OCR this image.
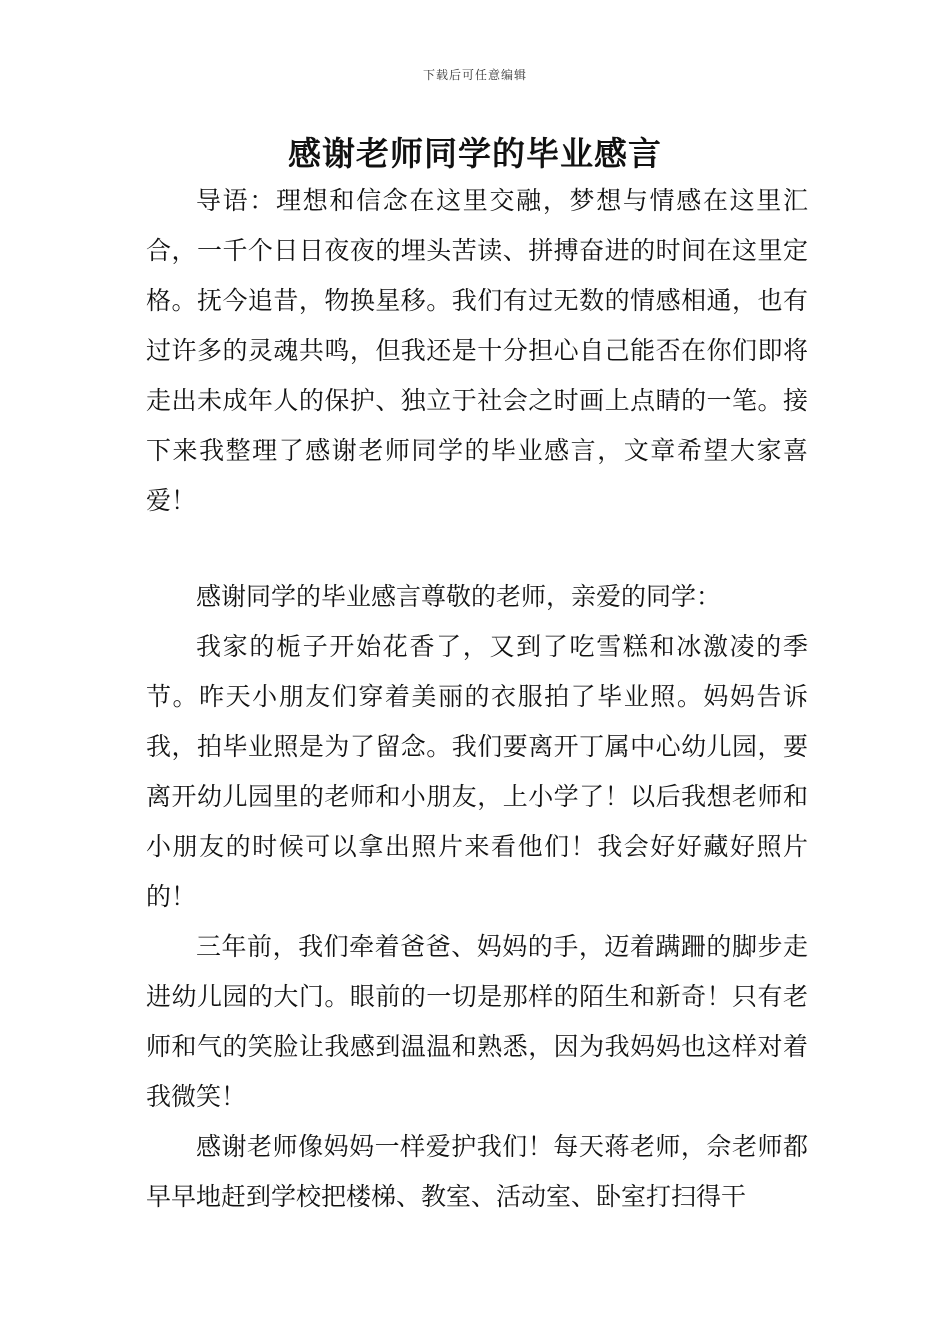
下载后可任意编辑
感谢老师同学的毕业感言

导语：理想和信念在这里交融，梦想与情感在这里汇合，一千个日日夜夜的埋头苦读、拼搏奋进的时间在这里定格。抚今追昔，物换星移。我们有过无数的情感相通，也有过许多的灵魂共鸣，但我还是十分担心自己能否在你们即将走出未成年人的保护、独立于社会之时画上点睛的一笔。接下来我整理了感谢老师同学的毕业感言，文章希望大家喜爱！

感谢同学的毕业感言尊敬的老师，亲爱的同学：

我家的栀子开始花香了，又到了吃雪糕和冰激凌的季节。昨天小朋友们穿着美丽的衣服拍了毕业照。妈妈告诉我，拍毕业照是为了留念。我们要离开丁属中心幼儿园，要离开幼儿园里的老师和小朋友，上小学了！以后我想老师和小朋友的时候可以拿出照片来看他们！我会好好藏好照片的！

三年前，我们牵着爸爸、妈妈的手，迈着蹒跚的脚步走进幼儿园的大门。眼前的一切是那样的陌生和新奇！只有老师和气的笑脸让我感到温温和熟悉，因为我妈妈也这样对着我微笑！

感谢老师像妈妈一样爱护我们！每天蒋老师，佘老师都早早地赶到学校把楼梯、教室、活动室、卧室打扫得干
